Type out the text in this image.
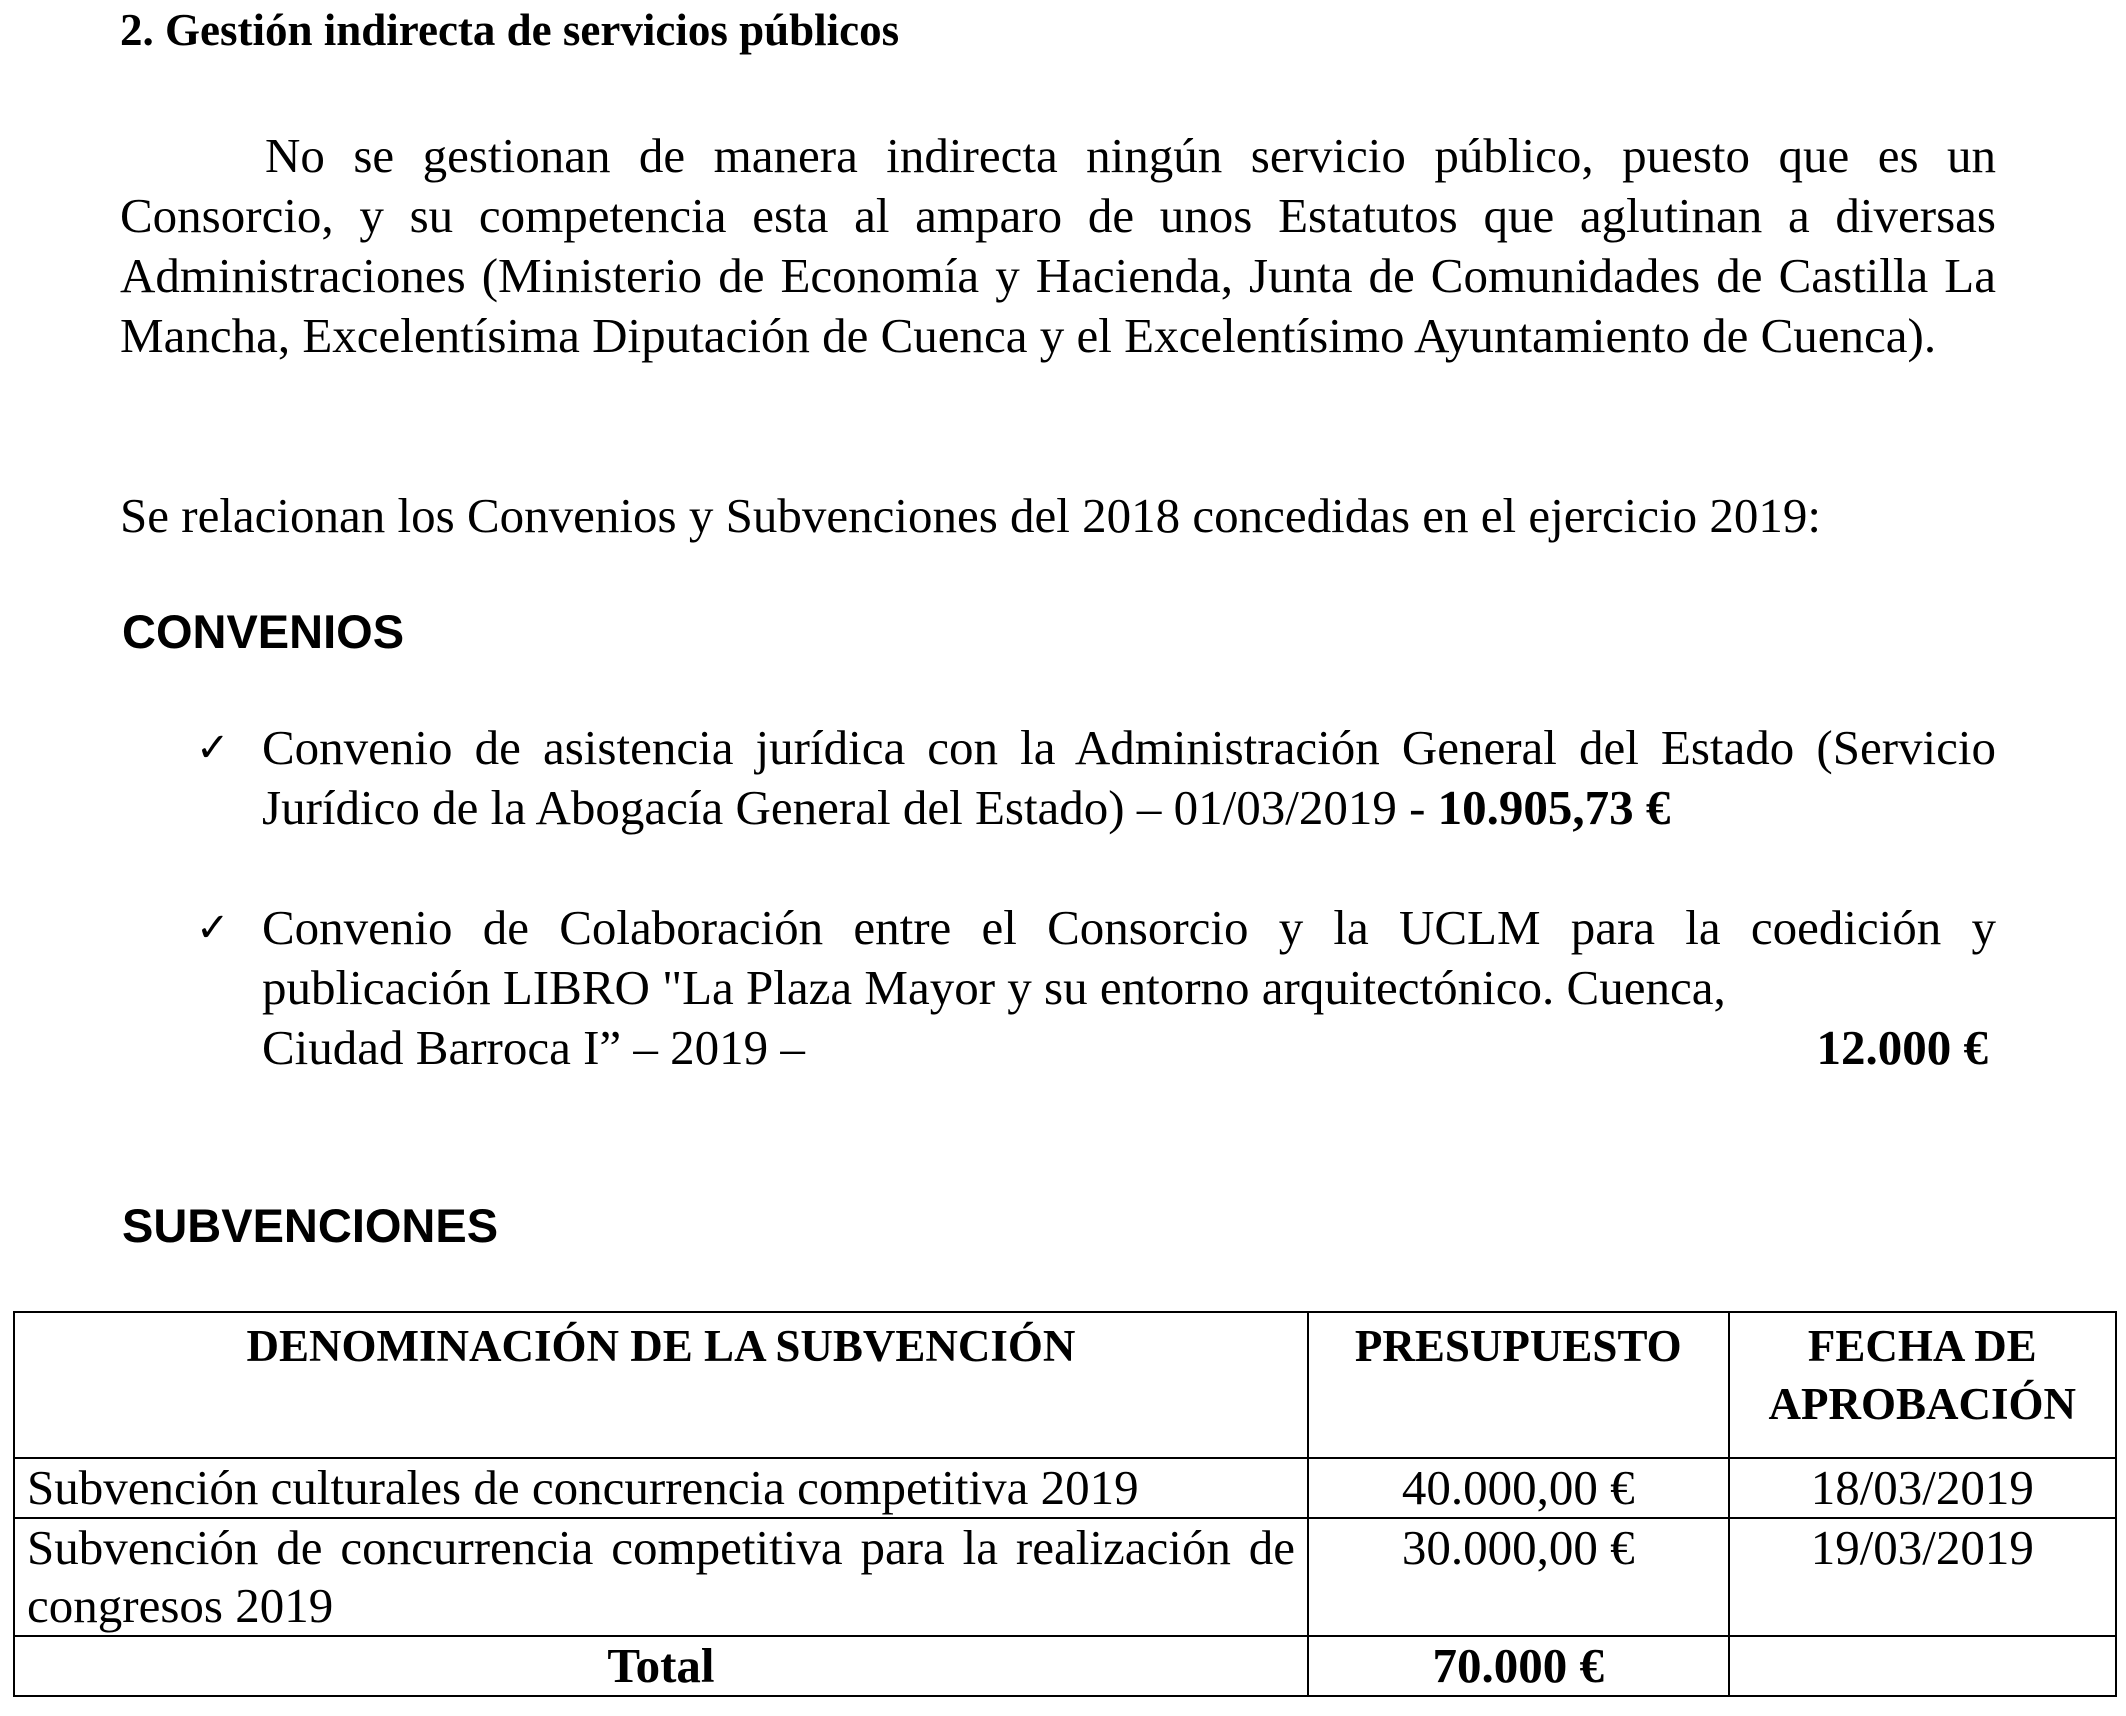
2. Gestión indirecta de servicios públicos

No se gestionan de manera indirecta ningún servicio público, puesto que es un Consorcio, y su competencia esta al amparo de unos Estatutos que aglutinan a diversas Administraciones (Ministerio de Economía y Hacienda, Junta de Comunidades de Castilla La Mancha, Excelentísima Diputación de Cuenca y el Excelentísimo Ayuntamiento de Cuenca).

Se relacionan los Convenios y Subvenciones del 2018 concedidas en el ejercicio 2019:

CONVENIOS
✓ Convenio de asistencia jurídica con la Administración General del Estado (Servicio Jurídico de la Abogacía General del Estado) – 01/03/2019 - 10.905,73 €
✓ Convenio de Colaboración entre el Consorcio y la UCLM para la coedición y publicación LIBRO "La Plaza Mayor y su entorno arquitectónico. Cuenca,
Ciudad Barroca I” – 2019 –	12.000 €
SUBVENCIONES
DENOMINACIÓN DE LA SUBVENCIÓN	PRESUPUESTO	FECHA DE APROBACIÓN
Subvención culturales de concurrencia competitiva 2019	40.000,00 €	18/03/2019
Subvención de concurrencia competitiva para la realización de congresos 2019	30.000,00 €	19/03/2019
Total	70.000 €	
